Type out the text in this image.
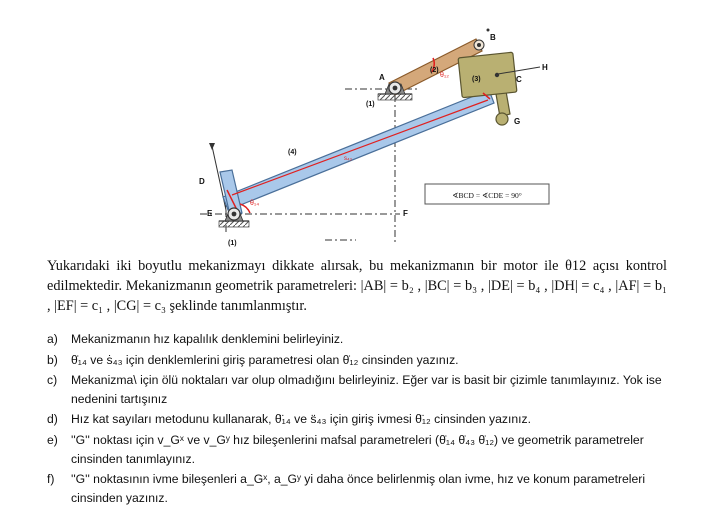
A
B
C
D
E	F
G
H
(1)
(1)
(2)
(3)
(4)
θ₁₂
θ₁₄
s₄₃
∢BCD = ∢CDE = 90°

Yukarıdaki iki boyutlu mekanizmayı dikkate alırsak, bu mekanizmanın bir motor ile θ12 açısı kontrol edilmektedir. Mekanizmanın geometrik parametreleri: |AB| = b₂ , |BC| = b₃ , |DE| = b₄ , |DH| = c₄ , |AF| = b₁ , |EF| = c₁ , |CG| = c₃ şeklinde tanımlanmıştır.

a)	Mekanizmanın hız kapalılık denklemini belirleyiniz.
b)	θ̇₁₄ ve ṡ₄₃ için denklemlerini giriş parametresi olan θ̇₁₂ cinsinden yazınız.
c)	Mekanizma\ için ölü noktaları var olup olmadığını belirleyiniz. Eğer var is basit bir çizimle tanımlayınız. Yok ise nedenini tartışınız
d)	Hız kat sayıları metodunu kullanarak, θ̈₁₄ ve s̈₄₃ için giriş ivmesi θ̈₁₂ cinsinden yazınız.
e)	''G'' noktası için v_Gˣ ve v_Gʸ hız bileşenlerini mafsal parametreleri (θ̇₁₄ θ̇₄₃ θ̇₁₂) ve geometrik parametreler cinsinden tanımlayınız.
f)	''G'' noktasının ivme bileşenleri a_Gˣ, a_Gʸ yi daha önce belirlenmiş olan ivme, hız ve konum parametreleri cinsinden yazınız.
